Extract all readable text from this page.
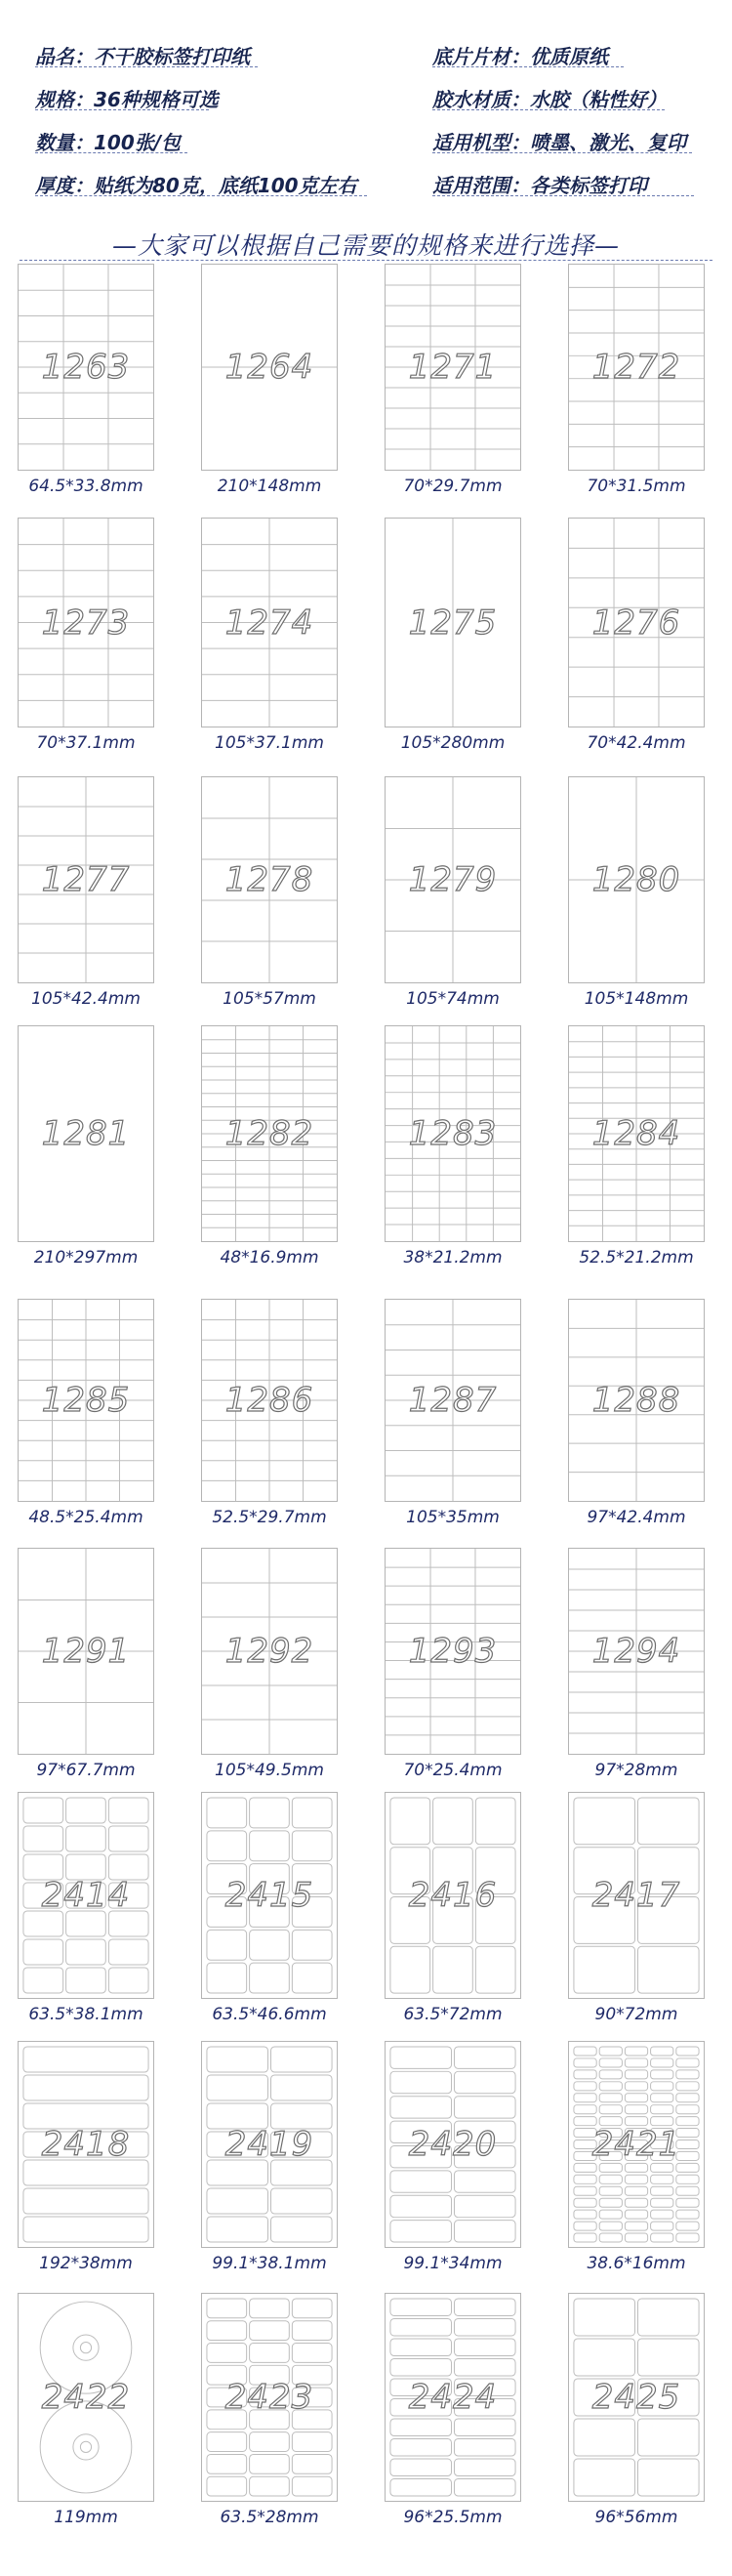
品名：不干胶标签打印纸	底片片材：优质原纸
规格：36种规格可选	胶水材质：水胶（粘性好）
数量：100张/包	适用机型：喷墨、激光、复印
厚度：贴纸为80克，底纸100克左右	适用范围：各类标签打印
—大家可以根据自己需要的规格来进行选择—
1263
64.5*33.8mm
1264
210*148mm
1271
70*29.7mm
1272
70*31.5mm
1273
70*37.1mm
1274
105*37.1mm
1275
105*280mm
1276
70*42.4mm
1277
105*42.4mm
1278
105*57mm
1279
105*74mm
1280
105*148mm
1281
210*297mm
1282
48*16.9mm
1283
38*21.2mm
1284
52.5*21.2mm
1285
48.5*25.4mm
1286
52.5*29.7mm
1287
105*35mm
1288
97*42.4mm
1291
97*67.7mm
1292
105*49.5mm
1293
70*25.4mm
1294
97*28mm
2414
63.5*38.1mm
2415
63.5*46.6mm
2416
63.5*72mm
2417
90*72mm
2418
192*38mm
2419
99.1*38.1mm
2420
99.1*34mm
2421
38.6*16mm
2422
119mm
2423
63.5*28mm
2424
96*25.5mm
2425
96*56mm
